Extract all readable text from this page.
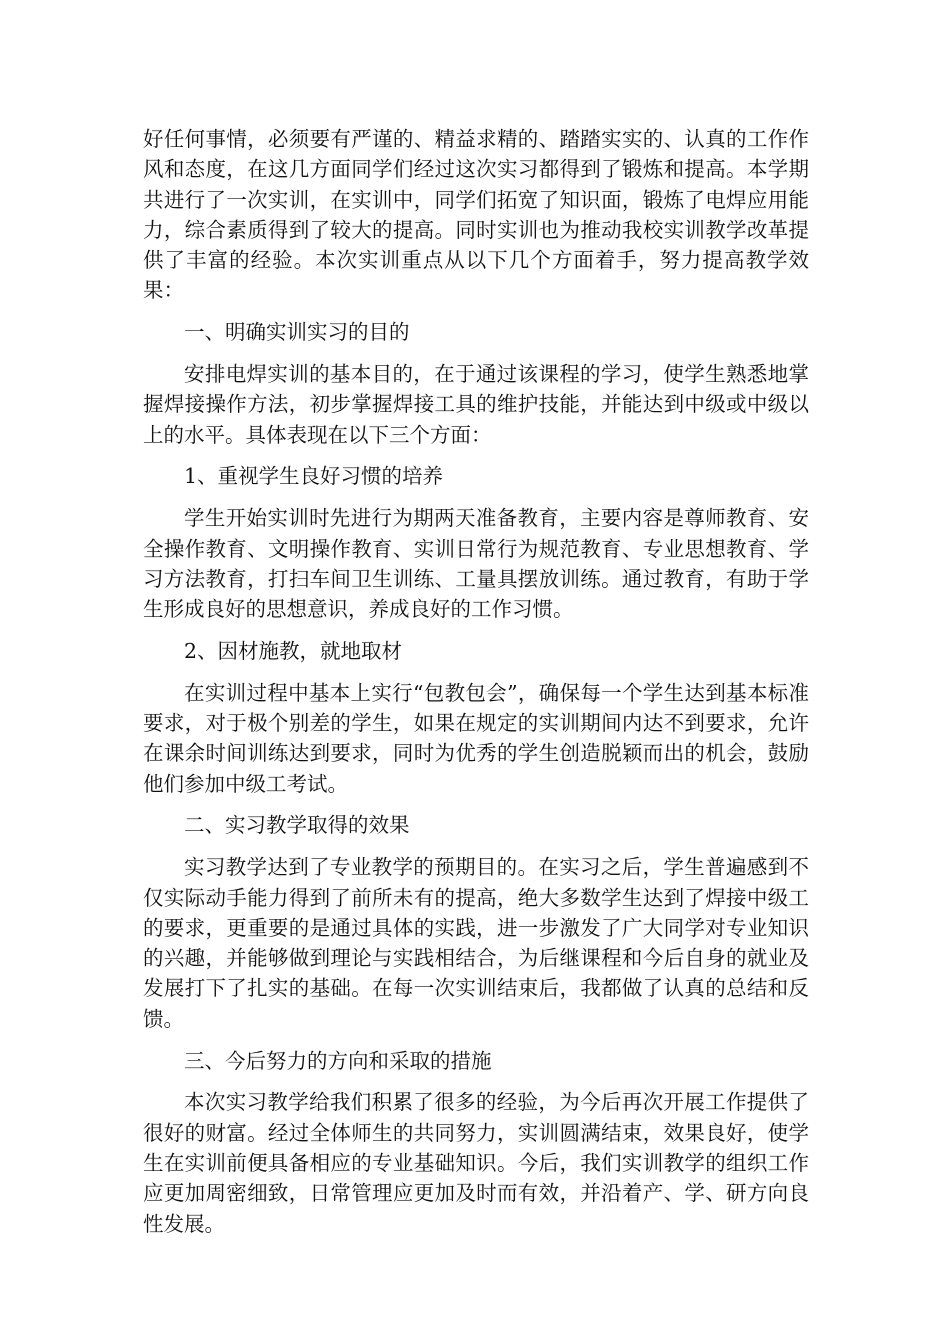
好任何事情，必须要有严谨的、精益求精的、踏踏实实的、认真的工作作风和态度，在这几方面同学们经过这次实习都得到了锻炼和提高。本学期共进行了一次实训，在实训中，同学们拓宽了知识面，锻炼了电焊应用能力，综合素质得到了较大的提高。同时实训也为推动我校实训教学改革提供了丰富的经验。本次实训重点从以下几个方面着手，努力提高教学效果：

一、明确实训实习的目的

安排电焊实训的基本目的，在于通过该课程的学习，使学生熟悉地掌握焊接操作方法，初步掌握焊接工具的维护技能，并能达到中级或中级以上的水平。具体表现在以下三个方面：

1、重视学生良好习惯的培养

学生开始实训时先进行为期两天准备教育，主要内容是尊师教育、安全操作教育、文明操作教育、实训日常行为规范教育、专业思想教育、学习方法教育，打扫车间卫生训练、工量具摆放训练。通过教育，有助于学生形成良好的思想意识，养成良好的工作习惯。

2、因材施教，就地取材

在实训过程中基本上实行“包教包会”，确保每一个学生达到基本标准要求，对于极个别差的学生，如果在规定的实训期间内达不到要求，允许在课余时间训练达到要求，同时为优秀的学生创造脱颖而出的机会，鼓励他们参加中级工考试。

二、实习教学取得的效果

实习教学达到了专业教学的预期目的。在实习之后，学生普遍感到不仅实际动手能力得到了前所未有的提高，绝大多数学生达到了焊接中级工的要求，更重要的是通过具体的实践，进一步激发了广大同学对专业知识的兴趣，并能够做到理论与实践相结合，为后继课程和今后自身的就业及发展打下了扎实的基础。在每一次实训结束后，我都做了认真的总结和反馈。

三、今后努力的方向和采取的措施

本次实习教学给我们积累了很多的经验，为今后再次开展工作提供了很好的财富。经过全体师生的共同努力，实训圆满结束，效果良好，使学生在实训前便具备相应的专业基础知识。今后，我们实训教学的组织工作应更加周密细致，日常管理应更加及时而有效，并沿着产、学、研方向良性发展。
